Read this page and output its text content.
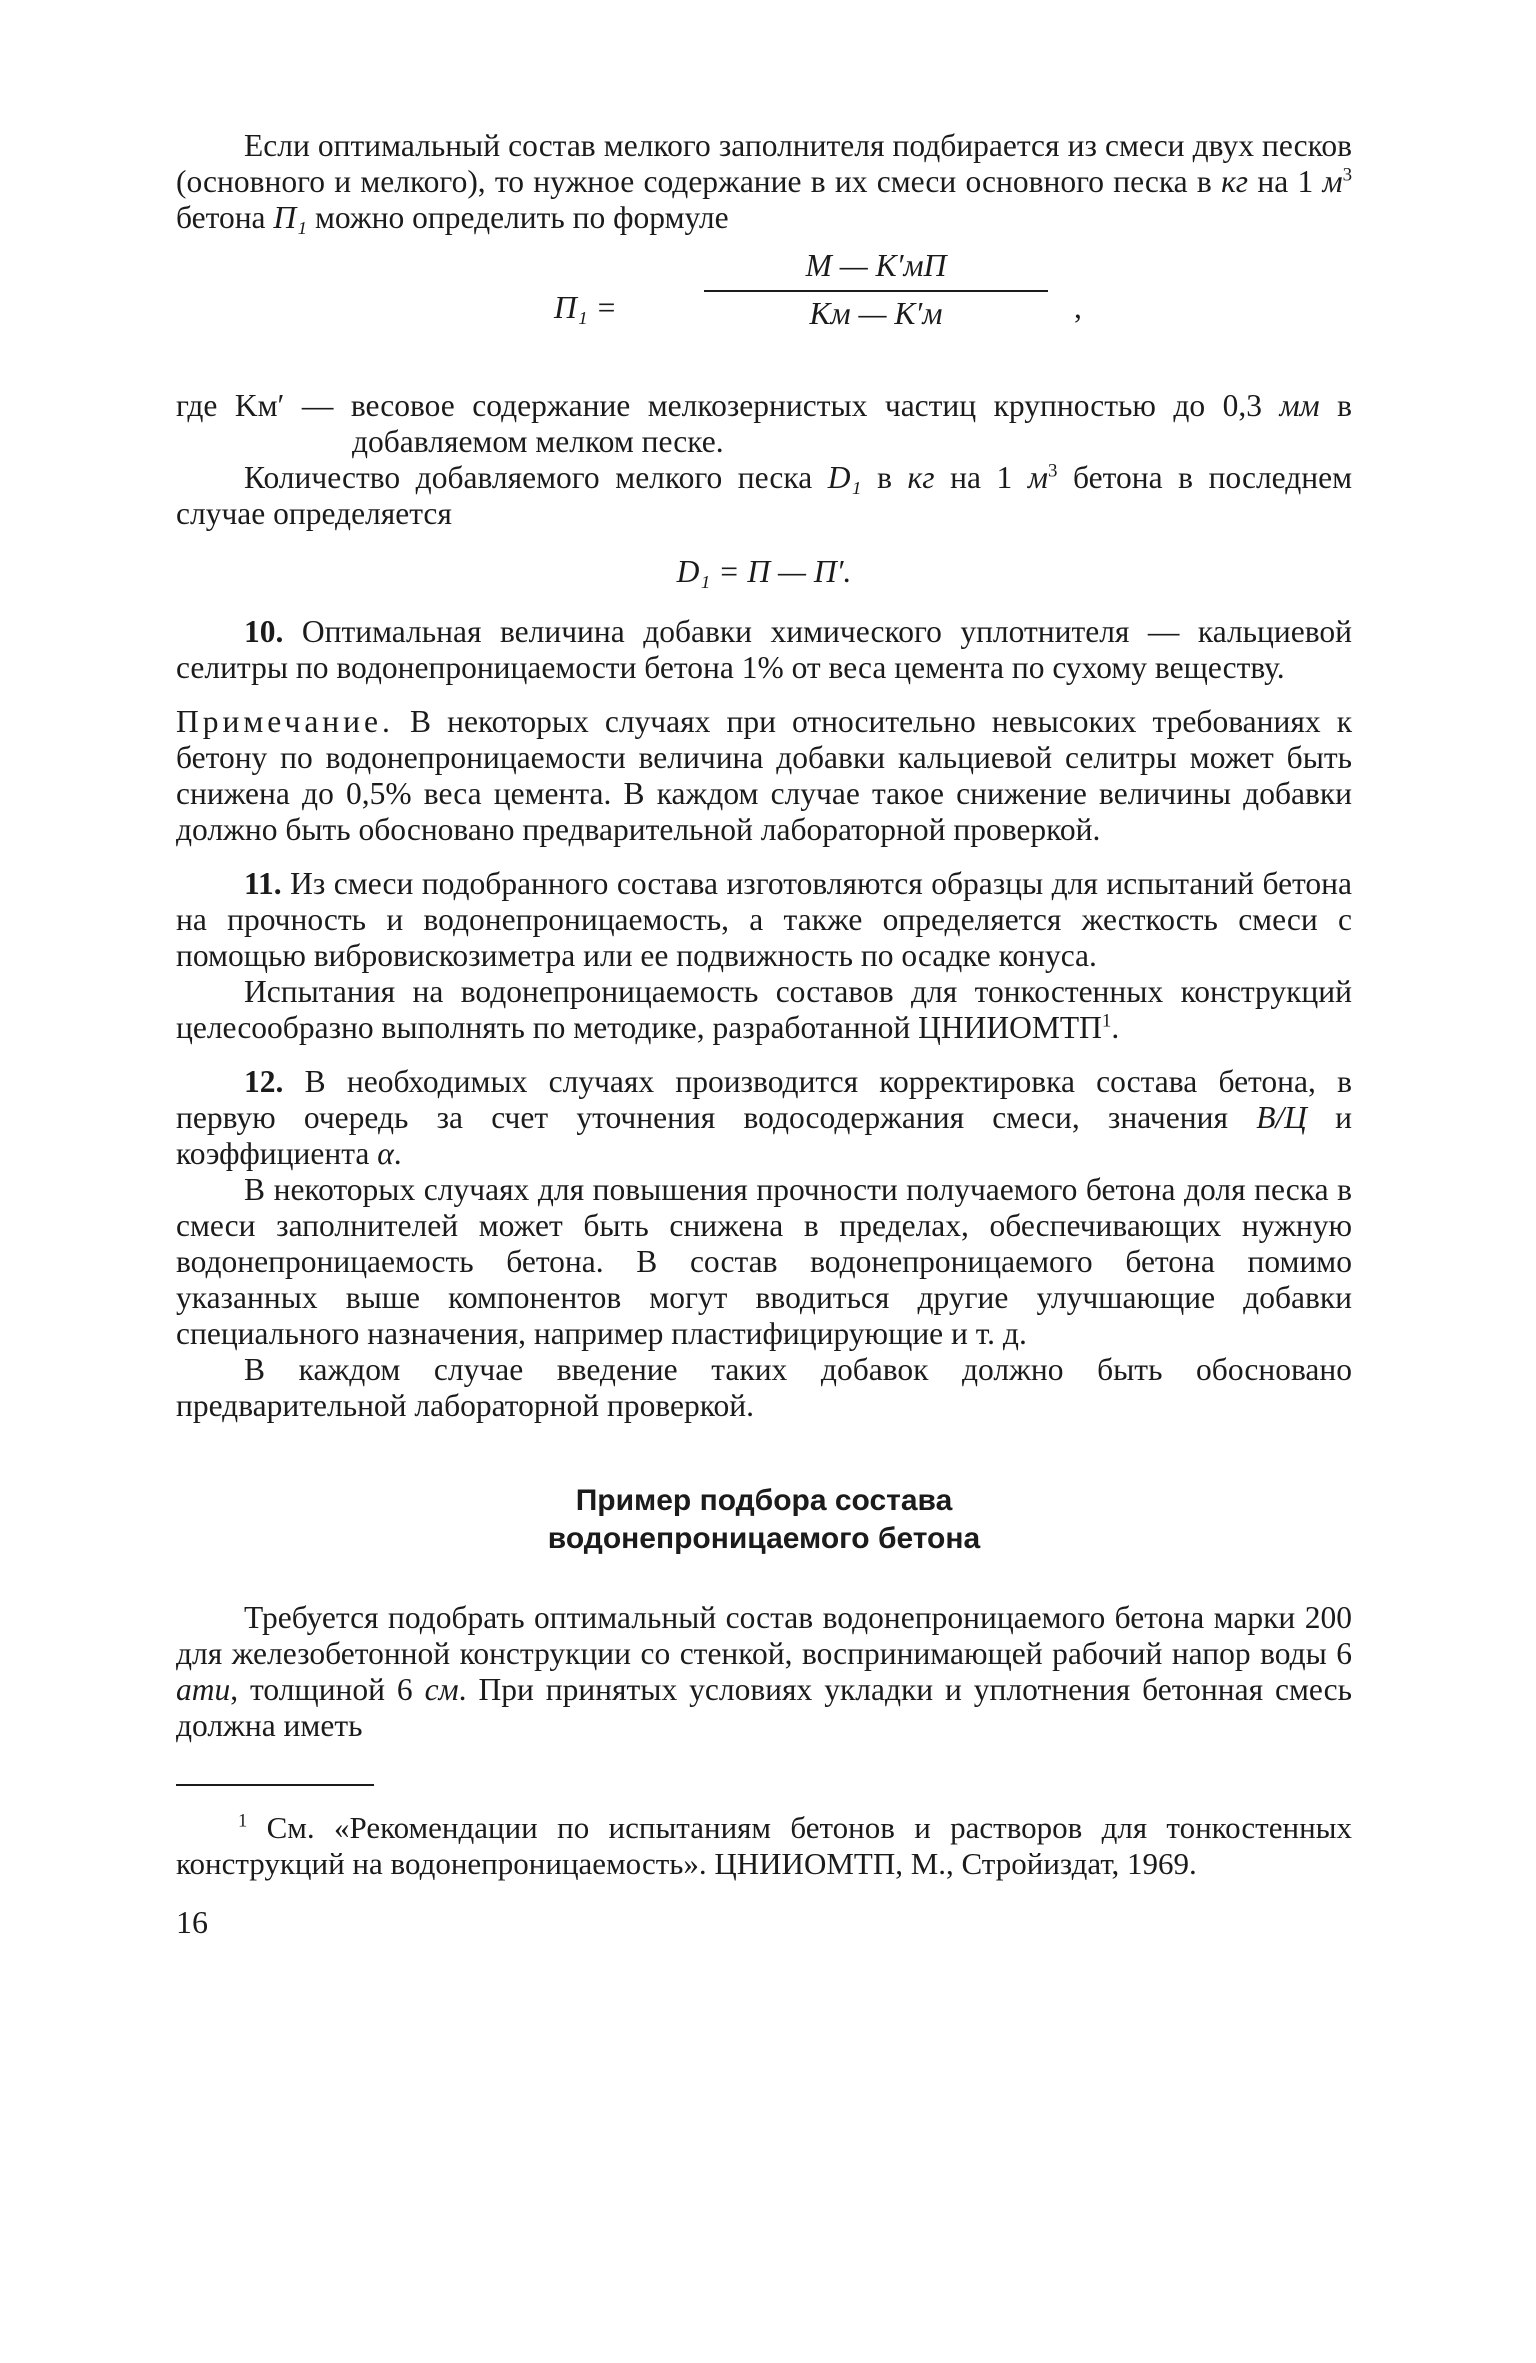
Если оптимальный состав мелкого заполнителя подбирается из смеси двух песков (основного и мелкого), то нужное содержание в их смеси основного песка в кг на 1 $м^3$ бетона П₁ можно определить по формуле

П₁ =
M — K′мП
Kм — K′м	,

где Kм′ — весовое содержание мелкозернистых частиц крупностью до 0,3 мм в добавляемом мелком песке.

Количество добавляемого мелкого песка D₁ в кг на 1 $м^3$ бетона в последнем случае определяется

D₁ = П — П′.

10. Оптимальная величина добавки химического уплотнителя — кальциевой селитры по водонепроницаемости бетона 1% от веса цемента по сухому веществу.

Примечание. В некоторых случаях при относительно невысоких требованиях к бетону по водонепроницаемости величина добавки кальциевой селитры может быть снижена до 0,5% веса цемента. В каждом случае такое снижение величины добавки должно быть обосновано предварительной лабораторной проверкой.

11. Из смеси подобранного состава изготовляются образцы для испытаний бетона на прочность и водонепроницаемость, а также определяется жесткость смеси с помощью вибровискозиметра или ее подвижность по осадке конуса.

Испытания на водонепроницаемость составов для тонкостенных конструкций целесообразно выполнять по методике, разработанной ЦНИИОМТП$^1$.

12. В необходимых случаях производится корректировка состава бетона, в первую очередь за счет уточнения водосодержания смеси, значения В/Ц и коэффициента α.

В некоторых случаях для повышения прочности получаемого бетона доля песка в смеси заполнителей может быть снижена в пределах, обеспечивающих нужную водонепроницаемость бетона. В состав водонепроницаемого бетона помимо указанных выше компонентов могут вводиться другие улучшающие добавки специального назначения, например пластифицирующие и т. д.

В каждом случае введение таких добавок должно быть обосновано предварительной лабораторной проверкой.

Пример подбора состава
водонепроницаемого бетона

Требуется подобрать оптимальный состав водонепроницаемого бетона марки 200 для железобетонной конструкции со стенкой, воспринимающей рабочий напор воды 6 ати, толщиной 6 см. При принятых условиях укладки и уплотнения бетонная смесь должна иметь

$^1$ См. «Рекомендации по испытаниям бетонов и растворов для тонкостенных конструкций на водонепроницаемость». ЦНИИОМТП, М., Стройиздат, 1969.

16
